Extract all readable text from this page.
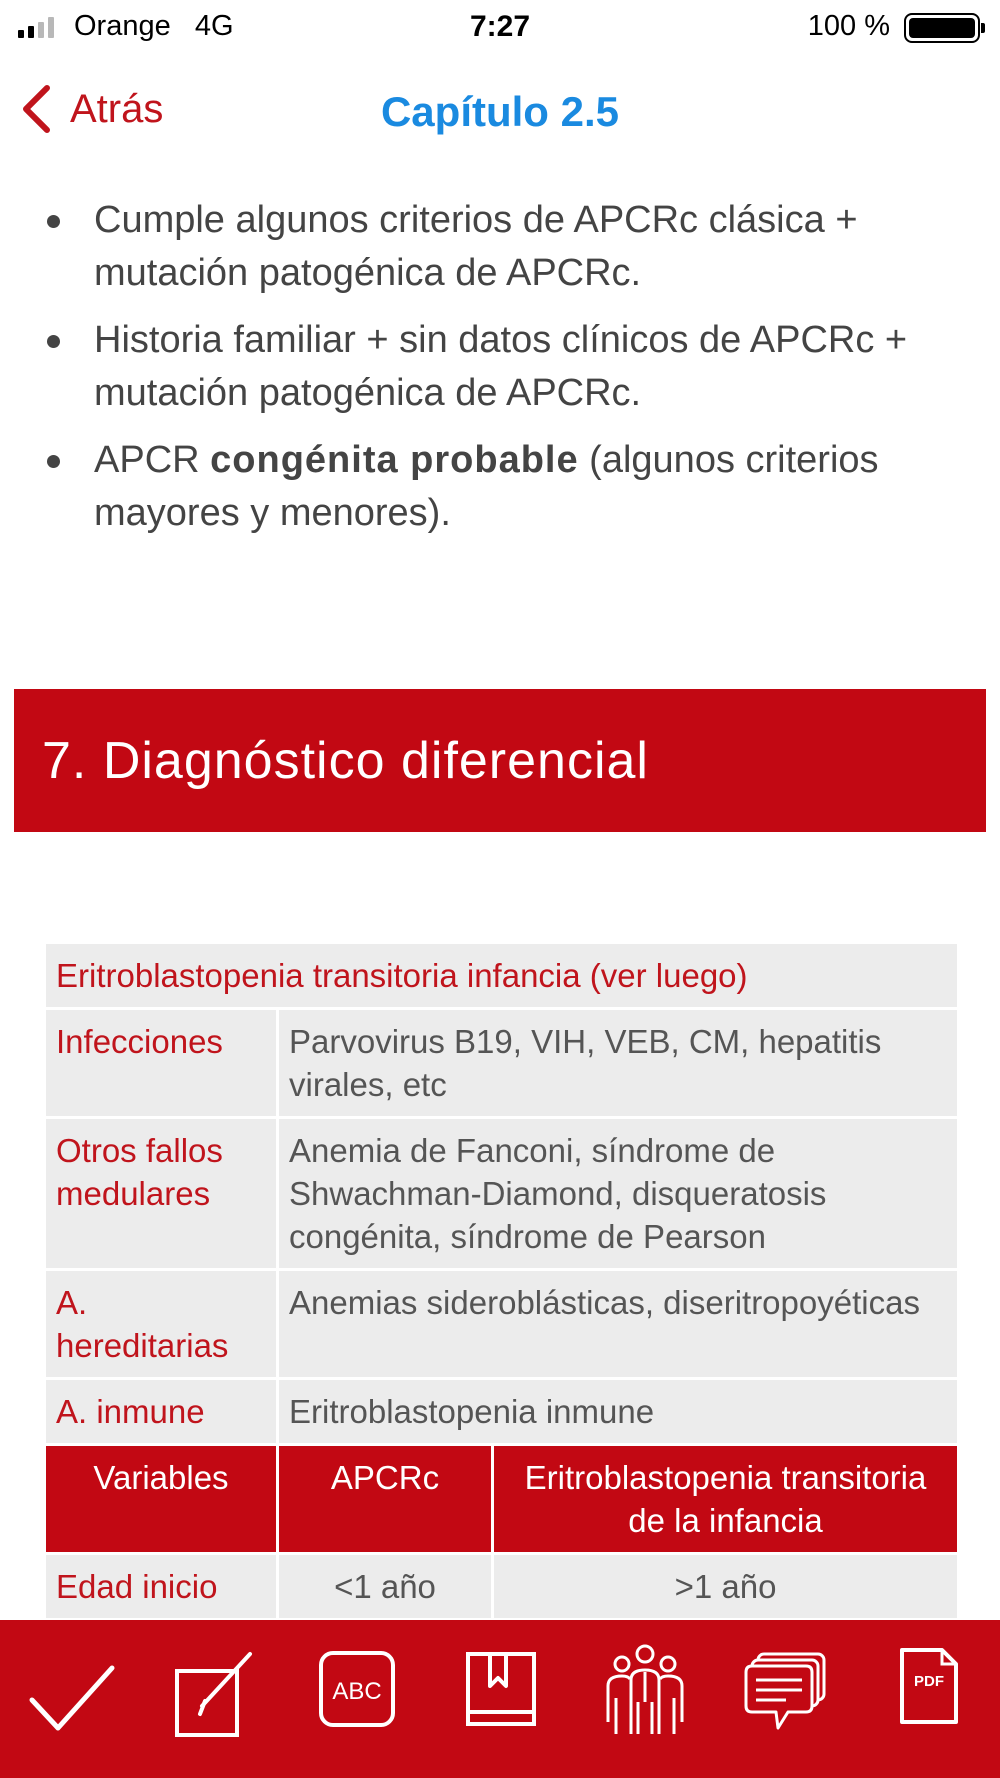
Orange 4G	7:27	100 %
Atrás	Capítulo 2.5
Cumple algunos criterios de APCRc clásica + mutación patogénica de APCRc.
Historia familiar + sin datos clínicos de APCRc + mutación patogénica de APCRc.
APCR congénita probable (algunos criterios mayores y menores).
7. Diagnóstico diferencial
Eritroblastopenia transitoria infancia (ver luego)		
Infecciones	Parvovirus B19, VIH, VEB, CM, hepatitis virales, etc	
Otros fallos medulares	Anemia de Fanconi, síndrome de Shwachman-Diamond, disqueratosis congénita, síndrome de Pearson	
A. hereditarias	Anemias sideroblásticas, diseritropoyéticas	
A. inmune	Eritroblastopenia inmune	
Variables	APCRc	Eritroblastopenia transitoria de la infancia
Edad inicio	<1 año	>1 año
ABC	PDF
